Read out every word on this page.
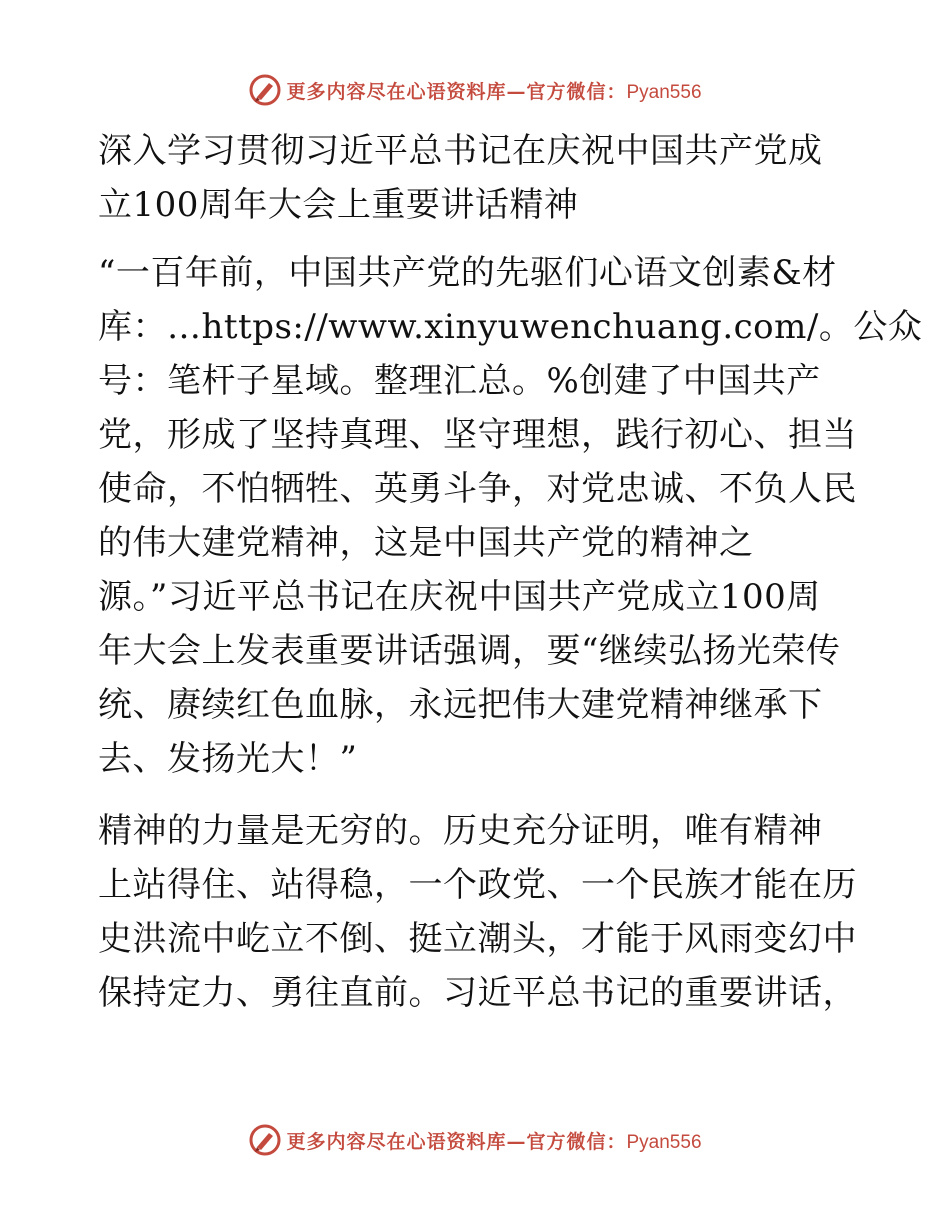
更多内容尽在心语资料库—官方微信：Pyan556
深入学习贯彻习近平总书记在庆祝中国共产党成
立100周年大会上重要讲话精神
“一百年前，中国共产党的先驱们心语文创素&材
库：…https://www.xinyuwenchuang.com/。公众
号：笔杆子星域。整理汇总。%创建了中国共产
党，形成了坚持真理、坚守理想，践行初心、担当
使命，不怕牺牲、英勇斗争，对党忠诚、不负人民
的伟大建党精神，这是中国共产党的精神之
源。”习近平总书记在庆祝中国共产党成立100周
年大会上发表重要讲话强调，要“继续弘扬光荣传
统、赓续红色血脉，永远把伟大建党精神继承下
去、发扬光大！”
精神的力量是无穷的。历史充分证明，唯有精神
上站得住、站得稳，一个政党、一个民族才能在历
史洪流中屹立不倒、挺立潮头，才能于风雨变幻中
保持定力、勇往直前。习近平总书记的重要讲话，
更多内容尽在心语资料库—官方微信：Pyan556
